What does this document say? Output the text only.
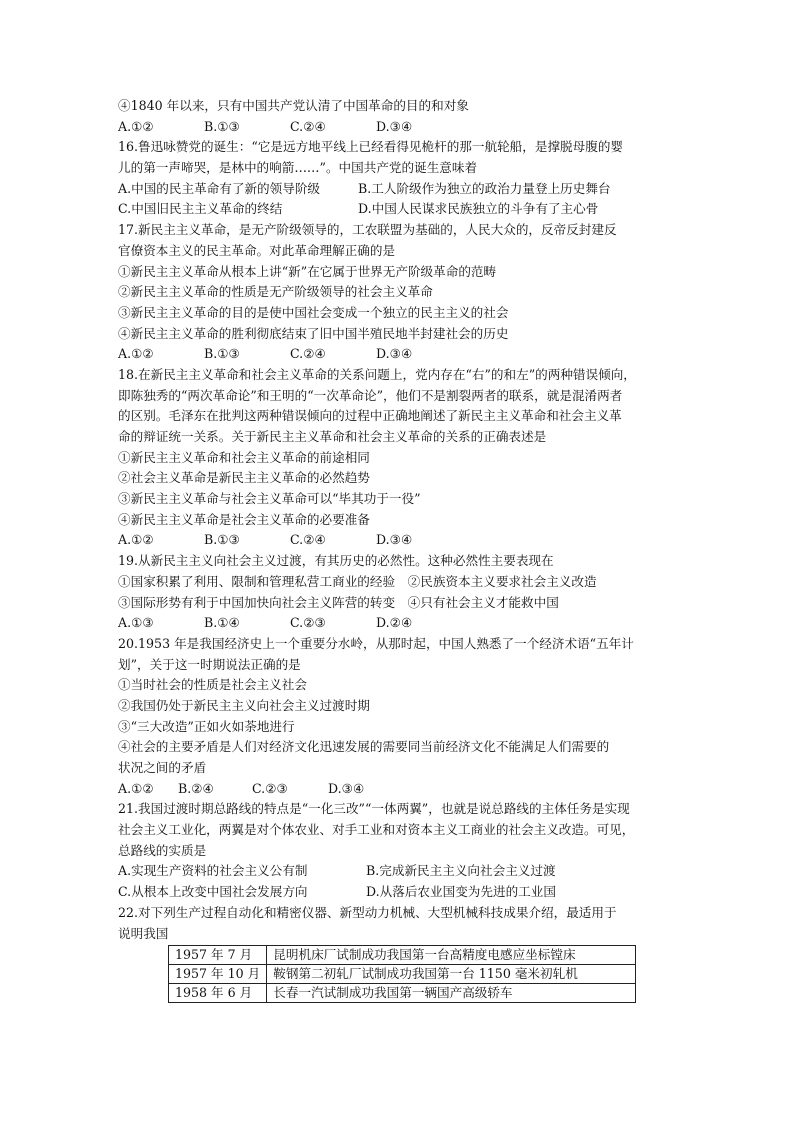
④1840 年以来，只有中国共产党认清了中国革命的目的和对象
A.①②	B.①③	C.②④	D.③④
16.鲁迅咏赞党的诞生：“它是远方地平线上已经看得见桅杆的那一航轮船，是撑脱母腹的婴
儿的第一声啼哭，是林中的响箭……”。中国共产党的诞生意味着
A.中国的民主革命有了新的领导阶级	B.工人阶级作为独立的政治力量登上历史舞台
C.中国旧民主主义革命的终结	D.中国人民谋求民族独立的斗争有了主心骨
17.新民主主义革命，是无产阶级领导的，工农联盟为基础的，人民大众的，反帝反封建反
官僚资本主义的民主革命。对此革命理解正确的是
①新民主主义革命从根本上讲“新”在它属于世界无产阶级革命的范畴
②新民主主义革命的性质是无产阶级领导的社会主义革命
③新民主主义革命的目的是使中国社会变成一个独立的民主主义的社会
④新民主主义革命的胜利彻底结束了旧中国半殖民地半封建社会的历史
A.①②	B.①③	C.②④	D.③④
18.在新民主主义革命和社会主义革命的关系问题上，党内存在“右”的和左”的两种错误倾向，
即陈独秀的“两次革命论”和王明的“一次革命论”，他们不是割裂两者的联系，就是混淆两者
的区别。毛泽东在批判这两种错误倾向的过程中正确地阐述了新民主主义革命和社会主义革
命的辩证统一关系。关于新民主主义革命和社会主义革命的关系的正确表述是
①新民主主义革命和社会主义革命的前途相同
②社会主义革命是新民主主义革命的必然趋势
③新民主主义革命与社会主义革命可以“毕其功于一役”
④新民主主义革命是社会主义革命的必要准备
A.①②	B.①③	C.②④	D.③④
19.从新民主主义向社会主义过渡，有其历史的必然性。这种必然性主要表现在
①国家积累了利用、限制和管理私营工商业的经验　②民族资本主义要求社会主义改造
③国际形势有利于中国加快向社会主义阵营的转变　④只有社会主义才能救中国
A.①③	B.①④	C.②③	D.②④
20.1953 年是我国经济史上一个重要分水岭，从那时起，中国人熟悉了一个经济术语“五年计
划”，关于这一时期说法正确的是
①当时社会的性质是社会主义社会
②我国仍处于新民主主义向社会主义过渡时期
③“三大改造”正如火如荼地进行
④社会的主要矛盾是人们对经济文化迅速发展的需要同当前经济文化不能满足人们需要的
状况之间的矛盾
A.①②	B.②④	C.②③	D.③④
21.我国过渡时期总路线的特点是“一化三改”“一体两翼”，也就是说总路线的主体任务是实现
社会主义工业化，两翼是对个体农业、对手工业和对资本主义工商业的社会主义改造。可见，
总路线的实质是
A.实现生产资料的社会主义公有制	B.完成新民主主义向社会主义过渡
C.从根本上改变中国社会发展方向	D.从落后农业国变为先进的工业国
22.对下列生产过程自动化和精密仪器、新型动力机械、大型机械科技成果介绍，最适用于
说明我国
1957 年 7 月	昆明机床厂试制成功我国第一台高精度电感应坐标镗床
1957 年 10 月	鞍钢第二初轧厂试制成功我国第一台 1150 毫米初轧机
1958 年 6 月	长春一汽试制成功我国第一辆国产高级轿车
